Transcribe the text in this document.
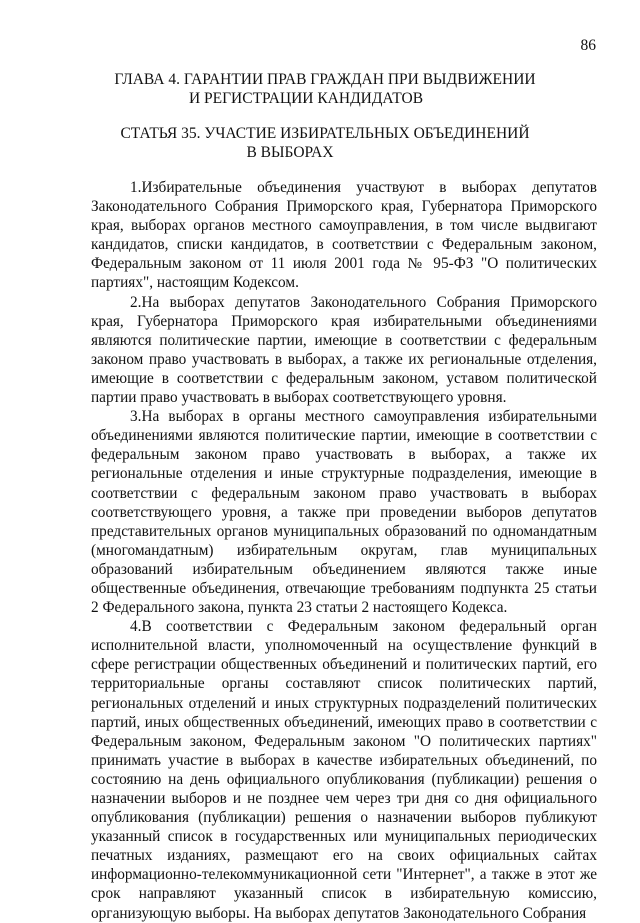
86
ГЛАВА 4. ГАРАНТИИ ПРАВ ГРАЖДАН ПРИ ВЫДВИЖЕНИИ
И РЕГИСТРАЦИИ КАНДИДАТОВ
СТАТЬЯ 35. УЧАСТИЕ ИЗБИРАТЕЛЬНЫХ ОБЪЕДИНЕНИЙ
В ВЫБОРАХ

1.Избирательные объединения участвуют в выборах депутатов Законодательного Собрания Приморского края, Губернатора Приморского края, выборах органов местного самоуправления, в том числе выдвигают кандидатов, списки кандидатов, в соответствии с Федеральным законом, Федеральным законом от 11 июля 2001 года № 95-ФЗ "О политических партиях", настоящим Кодексом.

2.На выборах депутатов Законодательного Собрания Приморского края, Губернатора Приморского края избирательными объединениями являются политические партии, имеющие в соответствии с федеральным законом право участвовать в выборах, а также их региональные отделения, имеющие в соответствии с федеральным законом, уставом политической партии право участвовать в выборах соответствующего уровня.

3.На выборах в органы местного самоуправления избирательными объединениями являются политические партии, имеющие в соответствии с федеральным законом право участвовать в выборах, а также их региональные отделения и иные структурные подразделения, имеющие в соответствии с федеральным законом право участвовать в выборах соответствующего уровня, а также при проведении выборов депутатов представительных органов муниципальных образований по одномандатным (многомандатным) избирательным округам, глав муниципальных образований избирательным объединением являются также иные общественные объединения, отвечающие требованиям подпункта 25 статьи 2 Федерального закона, пункта 23 статьи 2 настоящего Кодекса.

4.В соответствии с Федеральным законом федеральный орган исполнительной власти, уполномоченный на осуществление функций в сфере регистрации общественных объединений и политических партий, его территориальные органы составляют список политических партий, региональных отделений и иных структурных подразделений политических партий, иных общественных объединений, имеющих право в соответствии с Федеральным законом, Федеральным законом "О политических партиях" принимать участие в выборах в качестве избирательных объединений, по состоянию на день официального опубликования (публикации) решения о назначении выборов и не позднее чем через три дня со дня официального опубликования (публикации) решения о назначении выборов публикуют указанный список в государственных или муниципальных периодических печатных изданиях, размещают его на своих официальных сайтах информационно-телекоммуникационной сети "Интернет", а также в этот же срок направляют указанный список в избирательную комиссию, организующую выборы. На выборах депутатов Законодательного Собрания
